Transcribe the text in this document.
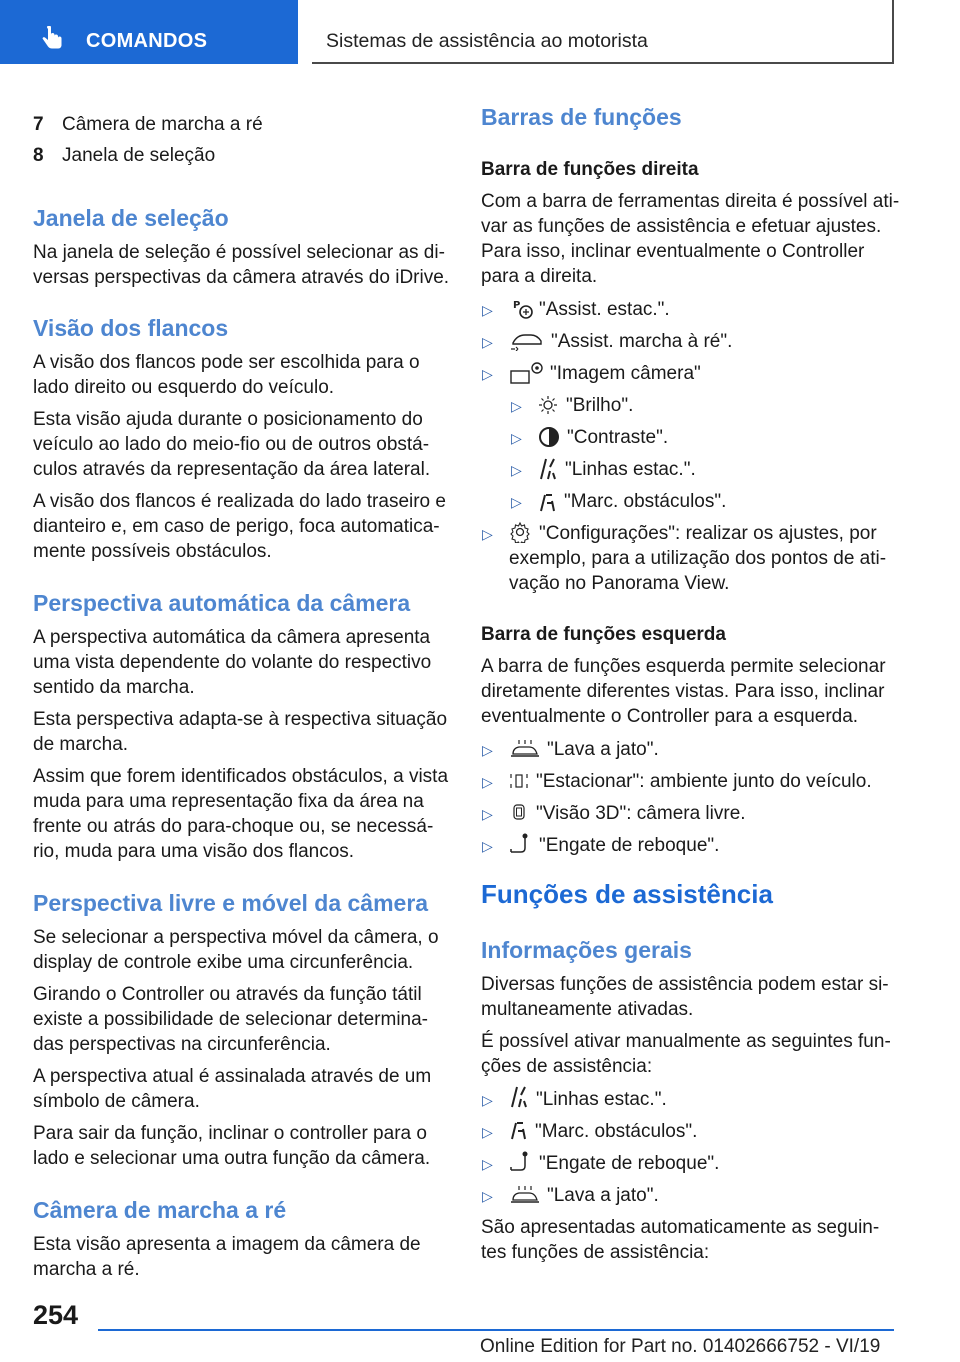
COMANDOS	Sistemas de assistência ao motorista
7 Câmera de marcha a ré
8 Janela de seleção
Janela de seleção
Na janela de seleção é possível selecionar as di-
versas perspectivas da câmera através do iDrive.
Visão dos flancos
A visão dos flancos pode ser escolhida para o
lado direito ou esquerdo do veículo.
Esta visão ajuda durante o posicionamento do
veículo ao lado do meio-fio ou de outros obstá-
culos através da representação da área lateral.
A visão dos flancos é realizada do lado traseiro e
dianteiro e, em caso de perigo, foca automatica-
mente possíveis obstáculos.
Perspectiva automática da câmera
A perspectiva automática da câmera apresenta
uma vista dependente do volante do respectivo
sentido da marcha.
Esta perspectiva adapta-se à respectiva situação
de marcha.
Assim que forem identificados obstáculos, a vista
muda para uma representação fixa da área na
frente ou atrás do para-choque ou, se necessá-
rio, muda para uma visão dos flancos.
Perspectiva livre e móvel da câmera
Se selecionar a perspectiva móvel da câmera, o
display de controle exibe uma circunferência.
Girando o Controller ou através da função tátil
existe a possibilidade de selecionar determina-
das perspectivas na circunferência.
A perspectiva atual é assinalada através de um
símbolo de câmera.
Para sair da função, inclinar o controller para o
lado e selecionar uma outra função da câmera.
Câmera de marcha a ré
Esta visão apresenta a imagem da câmera de
marcha a ré.
Barras de funções
Barra de funções direita
Com a barra de ferramentas direita é possível ati-
var as funções de assistência e efetuar ajustes.
Para isso, inclinar eventualmente o Controller
para a direita.
▷ P "Assist. estac.".
▷	"Assist. marcha à ré".
▷	"Imagem câmera"
▷ "Brilho".
▷ "Contraste".
▷ "Linhas estac.".
▷ "Marc. obstáculos".
▷ "Configurações": realizar os ajustes, por
exemplo, para a utilização dos pontos de ati-
vação no Panorama View.
Barra de funções esquerda
A barra de funções esquerda permite selecionar
diretamente diferentes vistas. Para isso, inclinar
eventualmente o Controller para a esquerda.
▷	"Lava a jato".
▷ "Estacionar": ambiente junto do veículo.
▷ "Visão 3D": câmera livre.
▷ "Engate de reboque".
Funções de assistência
Informações gerais
Diversas funções de assistência podem estar si-
multaneamente ativadas.
É possível ativar manualmente as seguintes fun-
ções de assistência:
▷ "Linhas estac.".
▷ "Marc. obstáculos".
▷ "Engate de reboque".
▷	"Lava a jato".
São apresentadas automaticamente as seguin-
tes funções de assistência:
254
Online Edition for Part no. 01402666752 - VI/19
